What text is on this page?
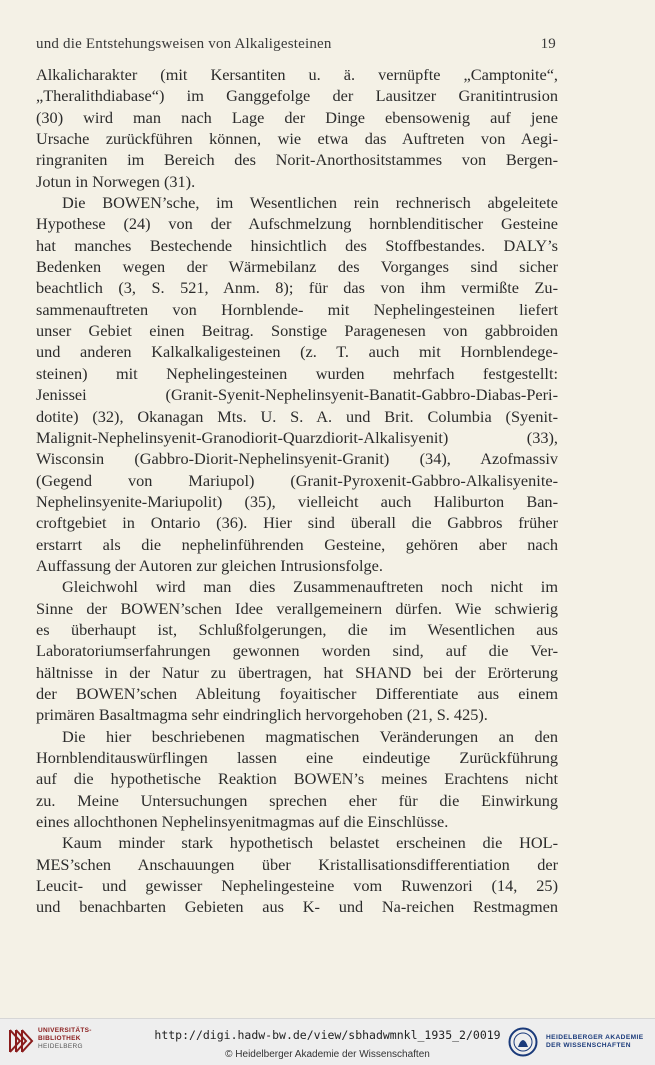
und die Entstehungsweisen von Alkaligesteinen	19
Alkalicharakter (mit Kersantiten u. ä. vernüpfte „Camptonite“,
„Theralithdiabase“) im Ganggefolge der Lausitzer Granitintrusion
(30) wird man nach Lage der Dinge ebensowenig auf jene
Ursache zurückführen können, wie etwa das Auftreten von Aegi-
ringraniten im Bereich des Norit-Anorthositstammes von Bergen-
Jotun in Norwegen (31).
Die BOWEN’sche, im Wesentlichen rein rechnerisch abgeleitete
Hypothese (24) von der Aufschmelzung hornblenditischer Gesteine
hat manches Bestechende hinsichtlich des Stoffbestandes. DALY’s
Bedenken wegen der Wärmebilanz des Vorganges sind sicher
beachtlich (3, S. 521, Anm. 8); für das von ihm vermißte Zu-
sammenauftreten von Hornblende- mit Nephelingesteinen liefert
unser Gebiet einen Beitrag. Sonstige Paragenesen von gabbroiden
und anderen Kalkalkaligesteinen (z. T. auch mit Hornblendege-
steinen) mit Nephelingesteinen wurden mehrfach festgestellt:
Jenissei (Granit-Syenit-Nephelinsyenit-Banatit-Gabbro-Diabas-Peri-
dotite) (32), Okanagan Mts. U. S. A. und Brit. Columbia (Syenit-
Malignit-Nephelinsyenit-Granodiorit-Quarzdiorit-Alkalisyenit) (33),
Wisconsin (Gabbro-Diorit-Nephelinsyenit-Granit) (34), Azofmassiv
(Gegend von Mariupol) (Granit-Pyroxenit-Gabbro-Alkalisyenite-
Nephelinsyenite-Mariupolit) (35), vielleicht auch Haliburton Ban-
croftgebiet in Ontario (36). Hier sind überall die Gabbros früher
erstarrt als die nephelinführenden Gesteine, gehören aber nach
Auffassung der Autoren zur gleichen Intrusionsfolge.
Gleichwohl wird man dies Zusammenauftreten noch nicht im
Sinne der BOWEN’schen Idee verallgemeinern dürfen. Wie schwierig
es überhaupt ist, Schlußfolgerungen, die im Wesentlichen aus
Laboratoriumserfahrungen gewonnen worden sind, auf die Ver-
hältnisse in der Natur zu übertragen, hat SHAND bei der Erörterung
der BOWEN’schen Ableitung foyaitischer Differentiate aus einem
primären Basaltmagma sehr eindringlich hervorgehoben (21, S. 425).
Die hier beschriebenen magmatischen Veränderungen an den
Hornblenditauswürflingen lassen eine eindeutige Zurückführung
auf die hypothetische Reaktion BOWEN’s meines Erachtens nicht
zu. Meine Untersuchungen sprechen eher für die Einwirkung
eines allochthonen Nephelinsyenitmagmas auf die Einschlüsse.
Kaum minder stark hypothetisch belastet erscheinen die HOL-
MES’schen Anschauungen über Kristallisationsdifferentiation der
Leucit- und gewisser Nephelingesteine vom Ruwenzori (14, 25)
und benachbarten Gebieten aus K- und Na-reichen Restmagmen
UNIVERSITÄTS-
BIBLIOTHEK
HEIDELBERG
http://digi.hadw-bw.de/view/sbhadwmnkl_1935_2/0019
© Heidelberger Akademie der Wissenschaften
HEIDELBERGER AKADEMIE
DER WISSENSCHAFTEN
